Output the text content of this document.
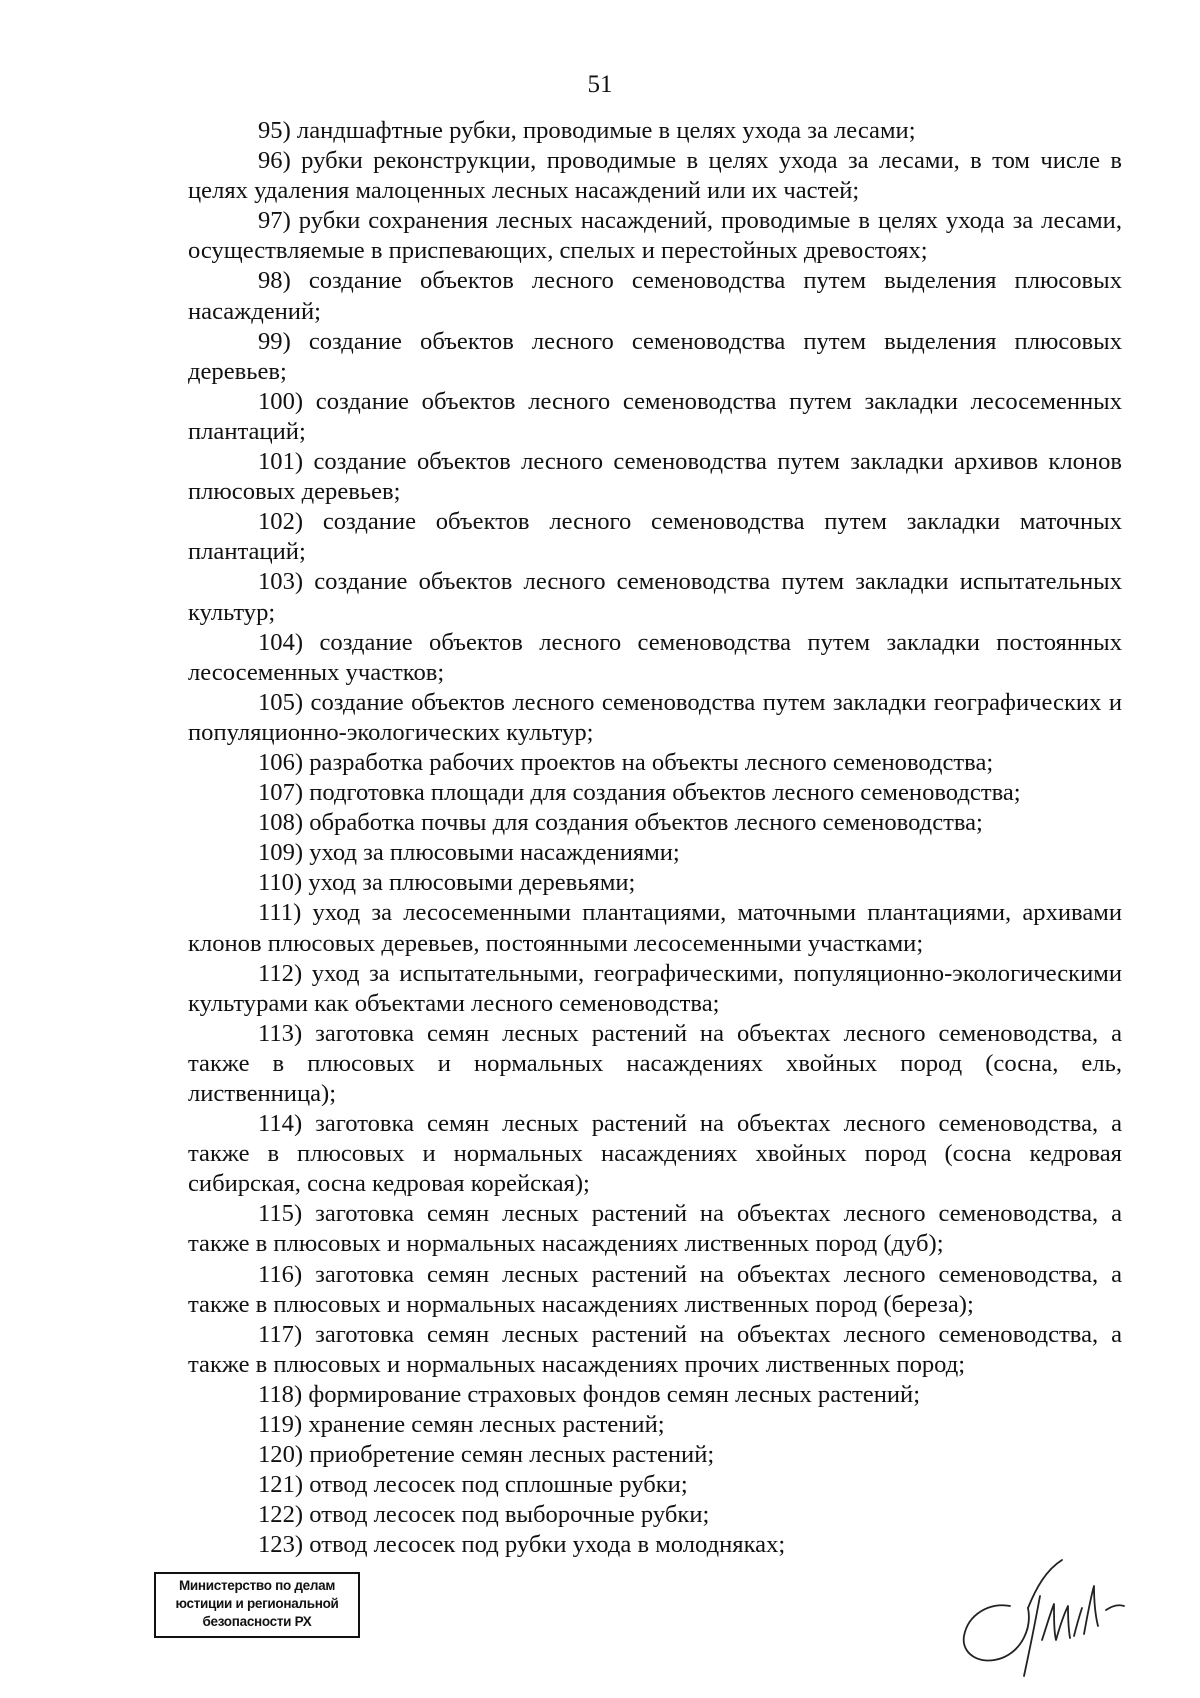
51

95) ландшафтные рубки, проводимые в целях ухода за лесами;

96) рубки реконструкции, проводимые в целях ухода за лесами, в том числе в целях удаления малоценных лесных насаждений или их частей;

97) рубки сохранения лесных насаждений, проводимые в целях ухода за лесами, осуществляемые в приспевающих, спелых и перестойных древостоях;

98) создание объектов лесного семеноводства путем выделения плюсовых насаждений;

99) создание объектов лесного семеноводства путем выделения плюсовых деревьев;

100) создание объектов лесного семеноводства путем закладки лесосеменных плантаций;

101) создание объектов лесного семеноводства путем закладки архивов клонов плюсовых деревьев;

102) создание объектов лесного семеноводства путем закладки маточных плантаций;

103) создание объектов лесного семеноводства путем закладки испытательных культур;

104) создание объектов лесного семеноводства путем закладки постоянных лесосеменных участков;

105) создание объектов лесного семеноводства путем закладки географических и популяционно-экологических культур;

106) разработка рабочих проектов на объекты лесного семеноводства;

107) подготовка площади для создания объектов лесного семеноводства;

108) обработка почвы для создания объектов лесного семеноводства;

109) уход за плюсовыми насаждениями;

110) уход за плюсовыми деревьями;

111) уход за лесосеменными плантациями, маточными плантациями, архивами клонов плюсовых деревьев, постоянными лесосеменными участками;

112) уход за испытательными, географическими, популяционно-экологическими культурами как объектами лесного семеноводства;

113) заготовка семян лесных растений на объектах лесного семеноводства, а также в плюсовых и нормальных насаждениях хвойных пород (сосна, ель, лиственница);

114) заготовка семян лесных растений на объектах лесного семеноводства, а также в плюсовых и нормальных насаждениях хвойных пород (сосна кедровая сибирская, сосна кедровая корейская);

115) заготовка семян лесных растений на объектах лесного семеноводства, а также в плюсовых и нормальных насаждениях лиственных пород (дуб);

116) заготовка семян лесных растений на объектах лесного семеноводства, а также в плюсовых и нормальных насаждениях лиственных пород (береза);

117) заготовка семян лесных растений на объектах лесного семеноводства, а также в плюсовых и нормальных насаждениях прочих лиственных пород;

118) формирование страховых фондов семян лесных растений;

119) хранение семян лесных растений;

120) приобретение семян лесных растений;

121) отвод лесосек под сплошные рубки;

122) отвод лесосек под выборочные рубки;

123) отвод лесосек под рубки ухода в молодняках;

Министерство по делам
юстиции и региональной
безопасности РХ
